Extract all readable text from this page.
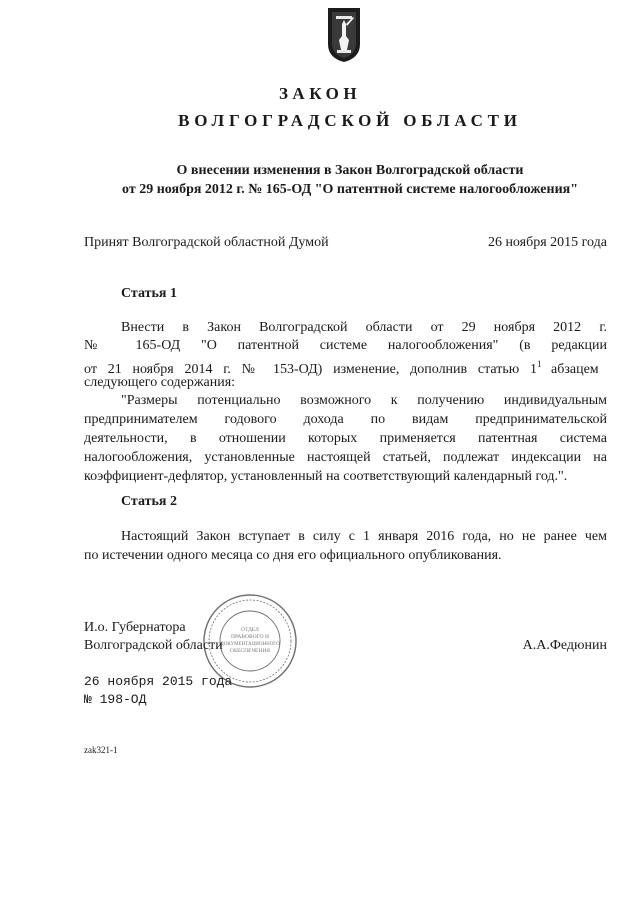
ЗАКОН
ВОЛГОГРАДСКОЙ ОБЛАСТИ
О внесении изменения в Закон Волгоградской области
от 29 ноября 2012 г. № 165-ОД "О патентной системе налогообложения"
Принят Волгоградской областной Думой	26 ноября 2015 года
Статья 1
Внести в Закон Волгоградской области от 29 ноября 2012 г.
№ 165-ОД "О патентной системе налогообложения" (в редакции
от 21 ноября 2014 г. № 153-ОД) изменение, дополнив статью $1^1$ абзацем
следующего содержания:
"Размеры потенциально возможного к получению индивидуальным
предпринимателем годового дохода по видам предпринимательской
деятельности, в отношении которых применяется патентная система
налогообложения, установленные настоящей статьей, подлежат индексации на
коэффициент-дефлятор, установленный на соответствующий календарный год.".
Статья 2
Настоящий Закон вступает в силу с 1 января 2016 года, но не ранее чем
по истечении одного месяца со дня его официального опубликования.
ОТДЕЛ
ПРАВОВОГО И
ДОКУМЕНТАЦИОННОГО
ОБЕСПЕЧЕНИЯ
И.о. Губернатора
Волгоградской области	А.А.Федюнин
26 ноября 2015 года
№ 198-ОД
zak321-1
